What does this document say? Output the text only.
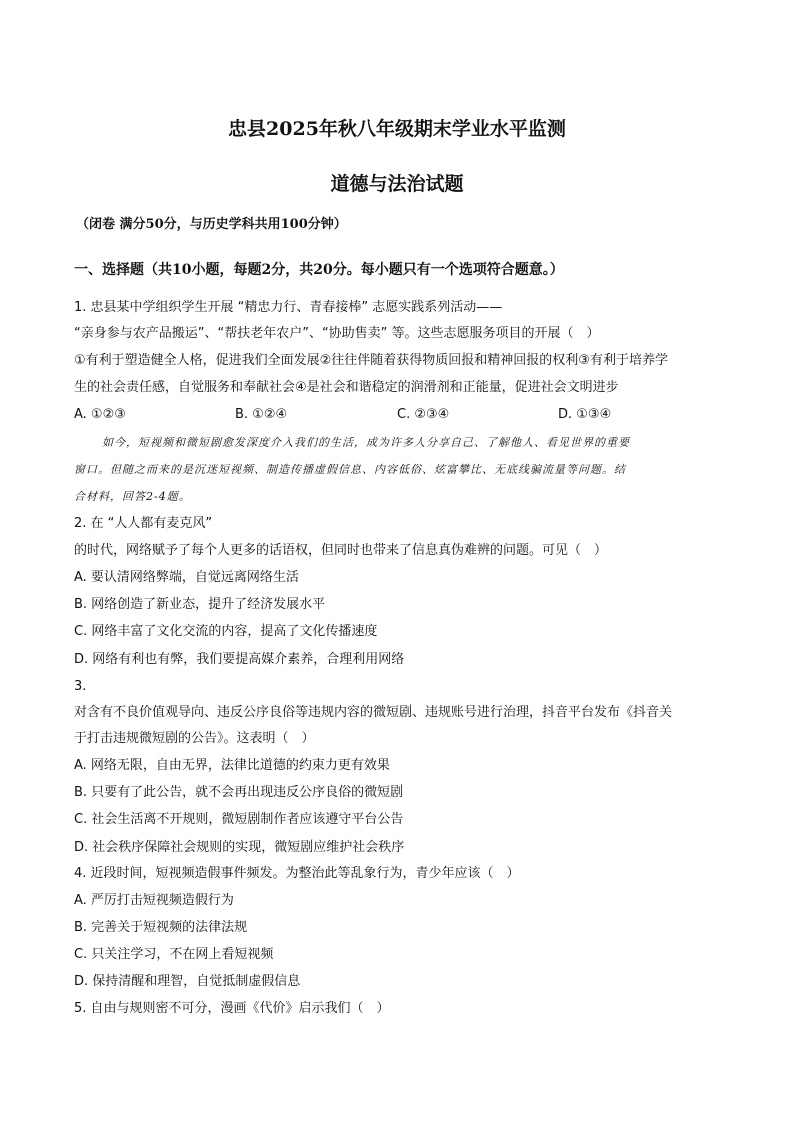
忠县2025年秋八年级期末学业水平监测
道德与法治试题
（闭卷 满分50分，与历史学科共用100分钟）
一、选择题（共10小题，每题2分，共20分。每小题只有一个选项符合题意。）
1. 忠县某中学组织学生开展 “精忠力行、青春接棒” 志愿实践系列活动——
“亲身参与农产品搬运”、“帮扶老年农户”、“协助售卖” 等。这些志愿服务项目的开展（　）
①有利于塑造健全人格，促进我们全面发展②往往伴随着获得物质回报和精神回报的权利③有利于培养学
生的社会责任感，自觉服务和奉献社会④是社会和谐稳定的润滑剂和正能量，促进社会文明进步
A. ①②③	B. ①②④	C. ②③④	D. ①③④
如今，短视频和微短剧愈发深度介入我们的生活，成为许多人分享自己、了解他人、看见世界的重要
窗口。但随之而来的是沉迷短视频、制造传播虚假信息、内容低俗、炫富攀比、无底线骗流量等问题。结
合材料，回答2-4题。
2. 在 “人人都有麦克风”
的时代，网络赋予了每个人更多的话语权，但同时也带来了信息真伪难辨的问题。可见（　）
A. 要认清网络弊端，自觉远离网络生活
B. 网络创造了新业态，提升了经济发展水平
C. 网络丰富了文化交流的内容，提高了文化传播速度
D. 网络有利也有弊，我们要提高媒介素养，合理利用网络
3.
对含有不良价值观导向、违反公序良俗等违规内容的微短剧、违规账号进行治理，抖音平台发布《抖音关
于打击违规微短剧的公告》。这表明（　）
A. 网络无限，自由无界，法律比道德的约束力更有效果
B. 只要有了此公告，就不会再出现违反公序良俗的微短剧
C. 社会生活离不开规则，微短剧制作者应该遵守平台公告
D. 社会秩序保障社会规则的实现，微短剧应维护社会秩序
4. 近段时间，短视频造假事件频发。为整治此等乱象行为，青少年应该（　）
A. 严厉打击短视频造假行为
B. 完善关于短视频的法律法规
C. 只关注学习，不在网上看短视频
D. 保持清醒和理智，自觉抵制虚假信息
5. 自由与规则密不可分，漫画《代价》启示我们（　）
